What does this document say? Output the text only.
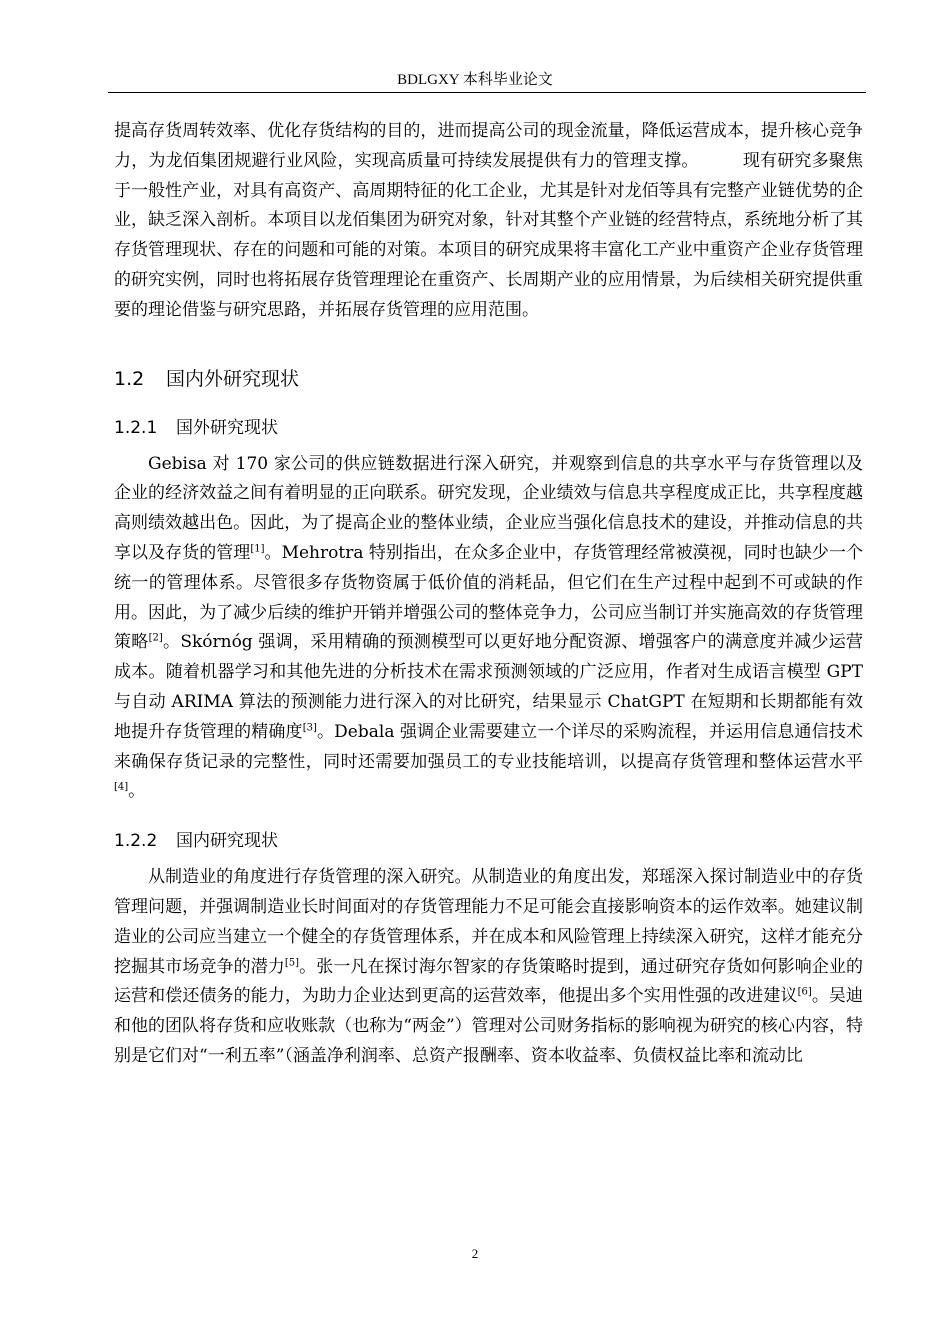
BDLGXY 本科毕业论文

提高存货周转效率、优化存货结构的目的，进而提高公司的现金流量，降低运营成本，提升核心竞争力，为龙佰集团规避行业风险，实现高质量可持续发展提供有力的管理支撑。	现有研究多聚焦于一般性产业，对具有高资产、高周期特征的化工企业，尤其是针对龙佰等具有完整产业链优势的企业，缺乏深入剖析。本项目以龙佰集团为研究对象，针对其整个产业链的经营特点，系统地分析了其存货管理现状、存在的问题和可能的对策。本项目的研究成果将丰富化工产业中重资产企业存货管理的研究实例，同时也将拓展存货管理理论在重资产、长周期产业的应用情景，为后续相关研究提供重要的理论借鉴与研究思路，并拓展存货管理的应用范围。

1.2 国内外研究现状
1.2.1 国外研究现状

Gebisa 对 170 家公司的供应链数据进行深入研究，并观察到信息的共享水平与存货管理以及企业的经济效益之间有着明显的正向联系。研究发现，企业绩效与信息共享程度成正比，共享程度越高则绩效越出色。因此，为了提高企业的整体业绩，企业应当强化信息技术的建设，并推动信息的共享以及存货的管理[1]。Mehrotra 特别指出，在众多企业中，存货管理经常被漠视，同时也缺少一个统一的管理体系。尽管很多存货物资属于低价值的消耗品，但它们在生产过程中起到不可或缺的作用。因此，为了减少后续的维护开销并增强公司的整体竞争力，公司应当制订并实施高效的存货管理策略[2]。Skórnóg 强调，采用精确的预测模型可以更好地分配资源、增强客户的满意度并减少运营成本。随着机器学习和其他先进的分析技术在需求预测领域的广泛应用，作者对生成语言模型 GPT 与自动 ARIMA 算法的预测能力进行深入的对比研究，结果显示 ChatGPT 在短期和长期都能有效地提升存货管理的精确度[3]。Debala 强调企业需要建立一个详尽的采购流程，并运用信息通信技术来确保存货记录的完整性，同时还需要加强员工的专业技能培训，以提高存货管理和整体运营水平[4]。

1.2.2 国内研究现状

从制造业的角度进行存货管理的深入研究。从制造业的角度出发，郑瑶深入探讨制造业中的存货管理问题，并强调制造业长时间面对的存货管理能力不足可能会直接影响资本的运作效率。她建议制造业的公司应当建立一个健全的存货管理体系，并在成本和风险管理上持续深入研究，这样才能充分挖掘其市场竞争的潜力[5]。张一凡在探讨海尔智家的存货策略时提到，通过研究存货如何影响企业的运营和偿还债务的能力，为助力企业达到更高的运营效率，他提出多个实用性强的改进建议[6]。吴迪和他的团队将存货和应收账款（也称为“两金”）管理对公司财务指标的影响视为研究的核心内容，特别是它们对“一利五率”（涵盖净利润率、总资产报酬率、资本收益率、负债权益比率和流动比

2
